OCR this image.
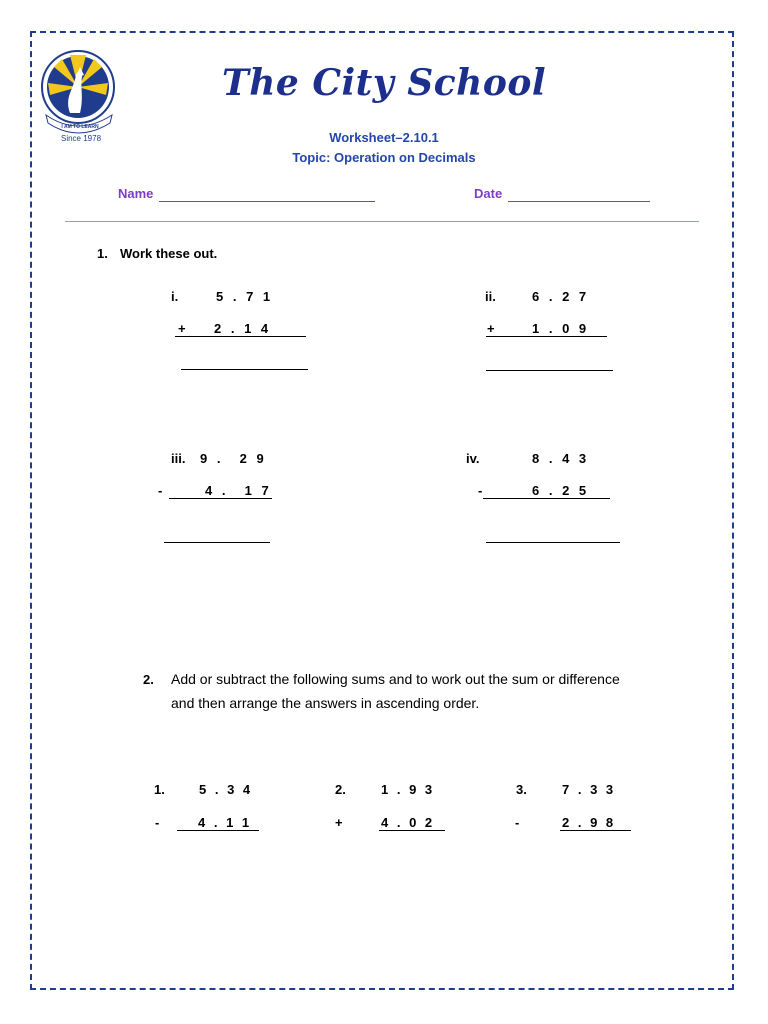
I AM TO LEARN
Since 1978
The City School
Worksheet–2.10.1
Topic: Operation on Decimals
Name	Date
1. Work these out.
i.	5 . 7 1
+ 2 . 1 4
ii.	6 . 2 7
+	1 . 0 9
iii. 9 .  2 9
-	4 .  1 7
iv.	8 . 4 3
-	6 . 2 5
2. Add or subtract the following sums and to work out the sum or difference
and then arrange the answers in ascending order.
1.	5 . 3 4
-	4 . 1 1
2.	1 . 9 3
+	4 . 0 2
3.	7 . 3 3
-	2 . 9 8
